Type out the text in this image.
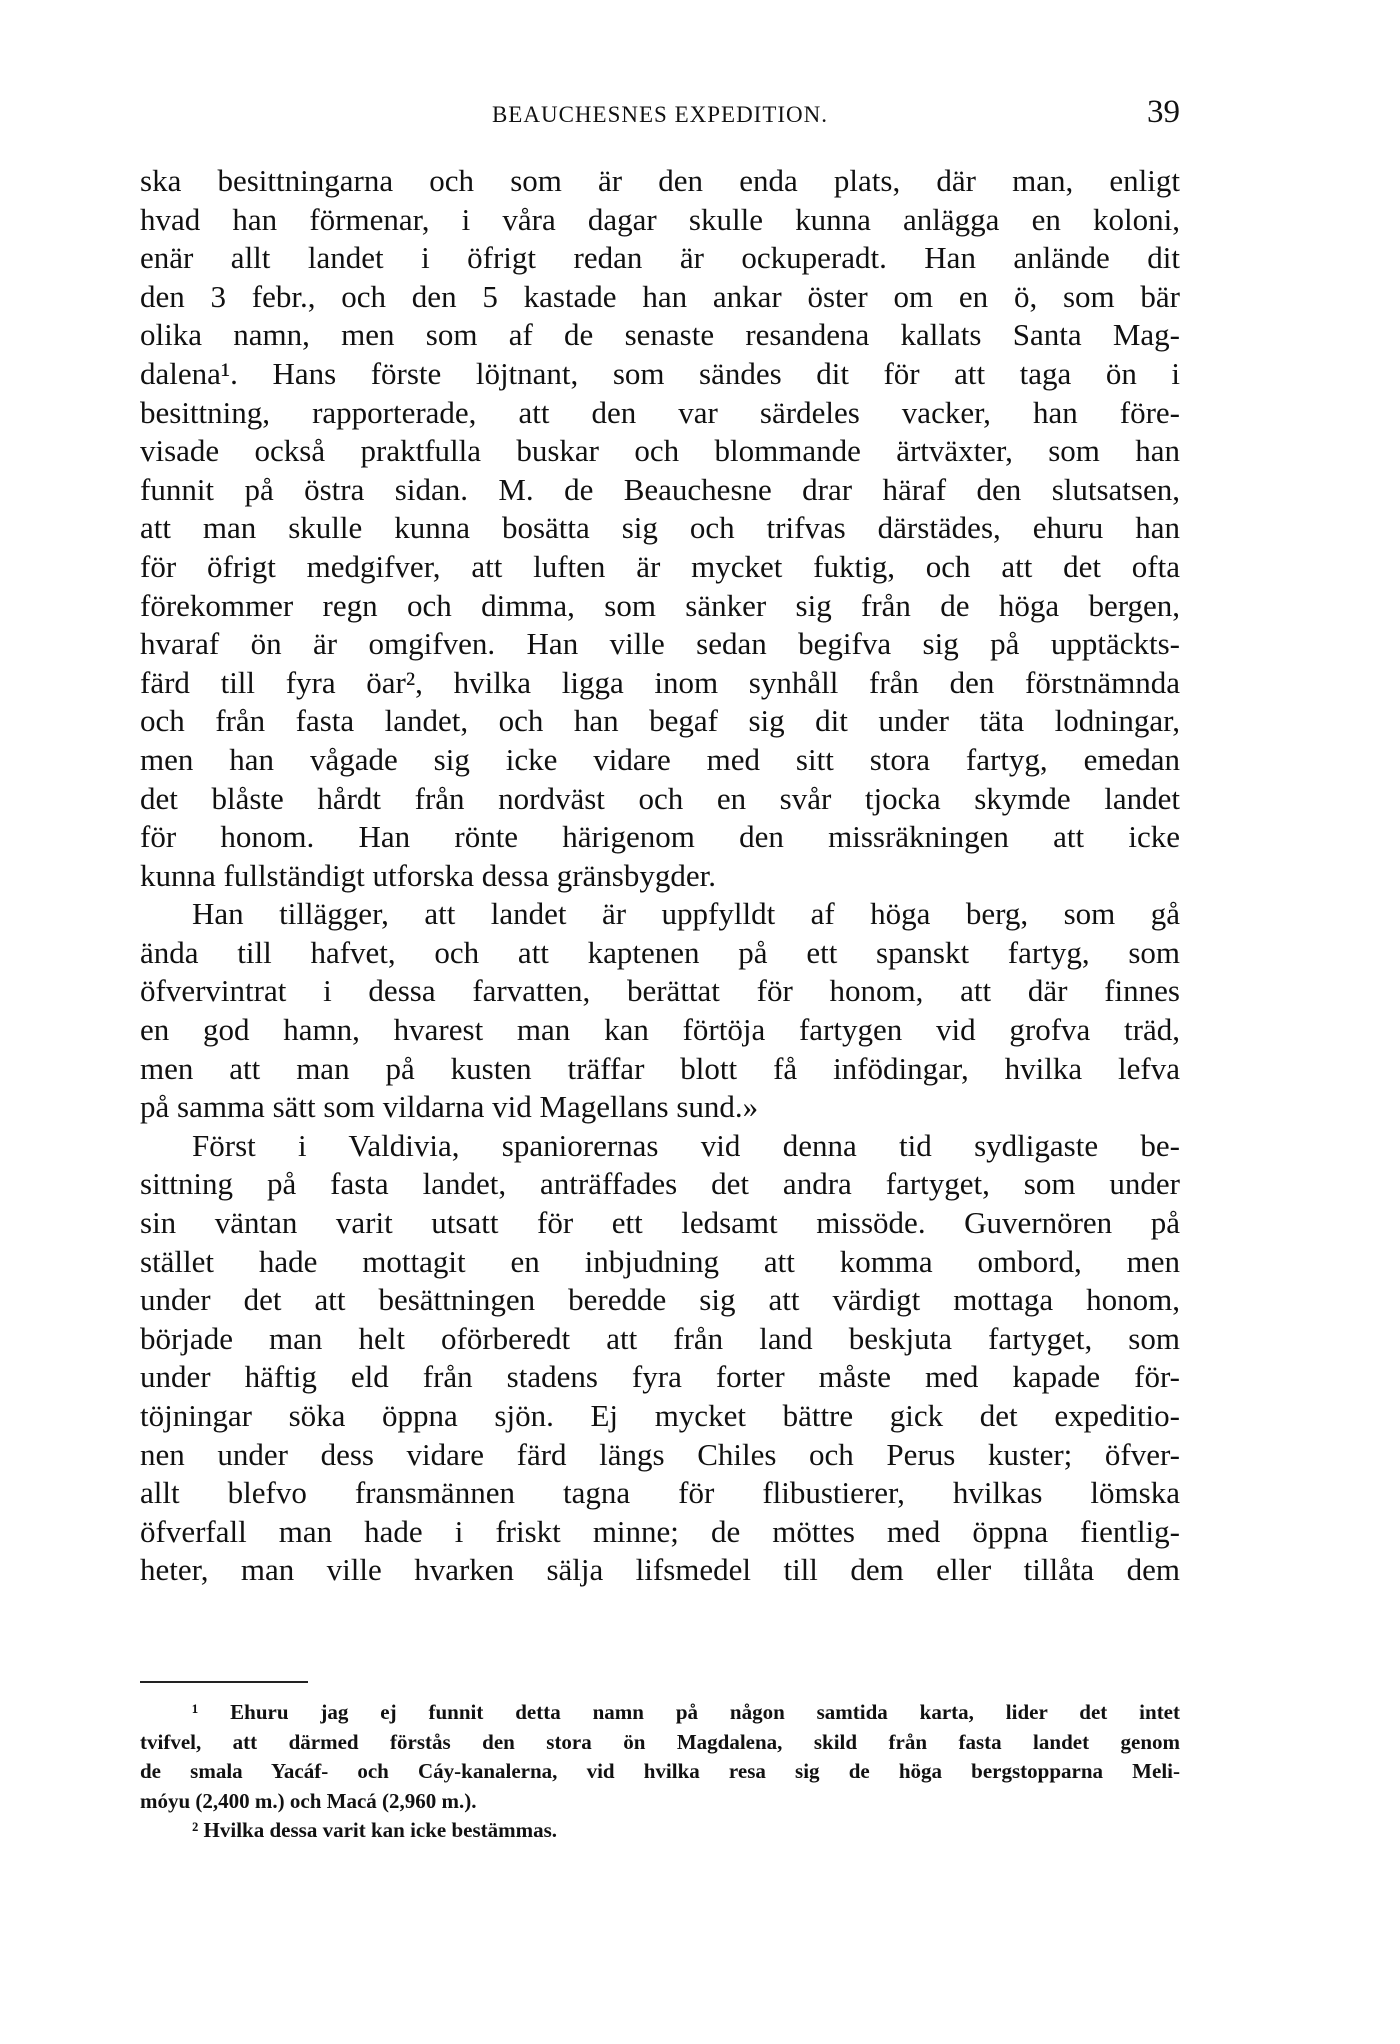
BEAUCHESNES EXPEDITION.	39
ska besittningarna och som är den enda plats, där man, enligt
hvad han förmenar, i våra dagar skulle kunna anlägga en koloni,
enär allt landet i öfrigt redan är ockuperadt. Han anlände dit
den 3 febr., och den 5 kastade han ankar öster om en ö, som bär
olika namn, men som af de senaste resandena kallats Santa Mag-
dalena¹. Hans förste löjtnant, som sändes dit för att taga ön i
besittning, rapporterade, att den var särdeles vacker, han före-
visade också praktfulla buskar och blommande ärtväxter, som han
funnit på östra sidan. M. de Beauchesne drar häraf den slutsatsen,
att man skulle kunna bosätta sig och trifvas därstädes, ehuru han
för öfrigt medgifver, att luften är mycket fuktig, och att det ofta
förekommer regn och dimma, som sänker sig från de höga bergen,
hvaraf ön är omgifven. Han ville sedan begifva sig på upptäckts-
färd till fyra öar², hvilka ligga inom synhåll från den förstnämnda
och från fasta landet, och han begaf sig dit under täta lodningar,
men han vågade sig icke vidare med sitt stora fartyg, emedan
det blåste hårdt från nordväst och en svår tjocka skymde landet
för honom. Han rönte härigenom den missräkningen att icke
kunna fullständigt utforska dessa gränsbygder.
Han tillägger, att landet är uppfylldt af höga berg, som gå
ända till hafvet, och att kaptenen på ett spanskt fartyg, som
öfvervintrat i dessa farvatten, berättat för honom, att där finnes
en god hamn, hvarest man kan förtöja fartygen vid grofva träd,
men att man på kusten träffar blott få infödingar, hvilka lefva
på samma sätt som vildarna vid Magellans sund.»
Först i Valdivia, spaniorernas vid denna tid sydligaste be-
sittning på fasta landet, anträffades det andra fartyget, som under
sin väntan varit utsatt för ett ledsamt missöde. Guvernören på
stället hade mottagit en inbjudning att komma ombord, men
under det att besättningen beredde sig att värdigt mottaga honom,
började man helt oförberedt att från land beskjuta fartyget, som
under häftig eld från stadens fyra forter måste med kapade för-
töjningar söka öppna sjön. Ej mycket bättre gick det expeditio-
nen under dess vidare färd längs Chiles och Perus kuster; öfver-
allt blefvo fransmännen tagna för flibustierer, hvilkas lömska
öfverfall man hade i friskt minne; de möttes med öppna fientlig-
heter, man ville hvarken sälja lifsmedel till dem eller tillåta dem
¹ Ehuru jag ej funnit detta namn på någon samtida karta, lider det intet
tvifvel, att därmed förstås den stora ön Magdalena, skild från fasta landet genom
de smala Yacáf- och Cáy-kanalerna, vid hvilka resa sig de höga bergstopparna Meli-
móyu (2,400 m.) och Macá (2,960 m.).
² Hvilka dessa varit kan icke bestämmas.
